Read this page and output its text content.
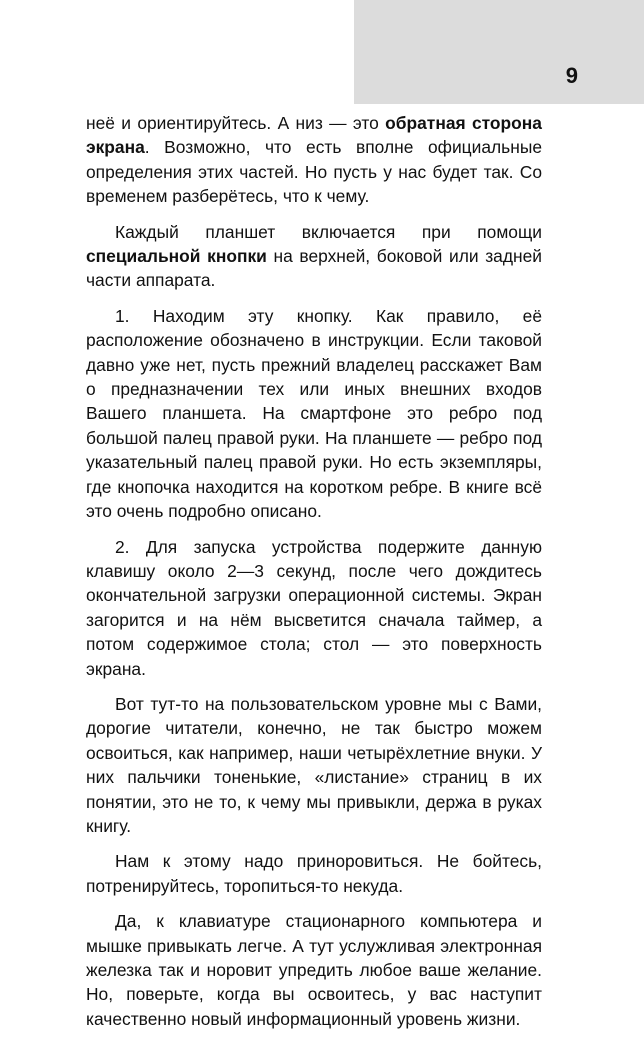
9

неё и ориентируйтесь. А низ — это обратная сторона экрана. Возможно, что есть вполне официальные определения этих частей. Но пусть у нас будет так. Со временем разберётесь, что к чему.

Каждый планшет включается при помощи специальной кнопки на верхней, боковой или задней части аппарата.

1. Находим эту кнопку. Как правило, её расположение обозначено в инструкции. Если таковой давно уже нет, пусть прежний владелец расскажет Вам о предназначении тех или иных внешних входов Вашего планшета. На смартфоне это ребро под большой палец правой руки. На планшете — ребро под указательный палец правой руки. Но есть экземпляры, где кнопочка находится на коротком ребре. В книге всё это очень подробно описано.

2. Для запуска устройства подержите данную клавишу около 2—3 секунд, после чего дождитесь окончательной загрузки операционной системы. Экран загорится и на нём высветится сначала таймер, а потом содержимое стола; стол — это поверхность экрана.

Вот тут-то на пользовательском уровне мы с Вами, дорогие читатели, конечно, не так быстро можем освоиться, как например, наши четырёхлетние внуки. У них пальчики тоненькие, «листание» страниц в их понятии, это не то, к чему мы привыкли, держа в руках книгу.

Нам к этому надо приноровиться. Не бойтесь, потренируйтесь, торопиться-то некуда.

Да, к клавиатуре стационарного компьютера и мышке привыкать легче. А тут услужливая электронная железка так и норовит упредить любое ваше желание. Но, поверьте, когда вы освоитесь, у вас наступит качественно новый информационный уровень жизни.
